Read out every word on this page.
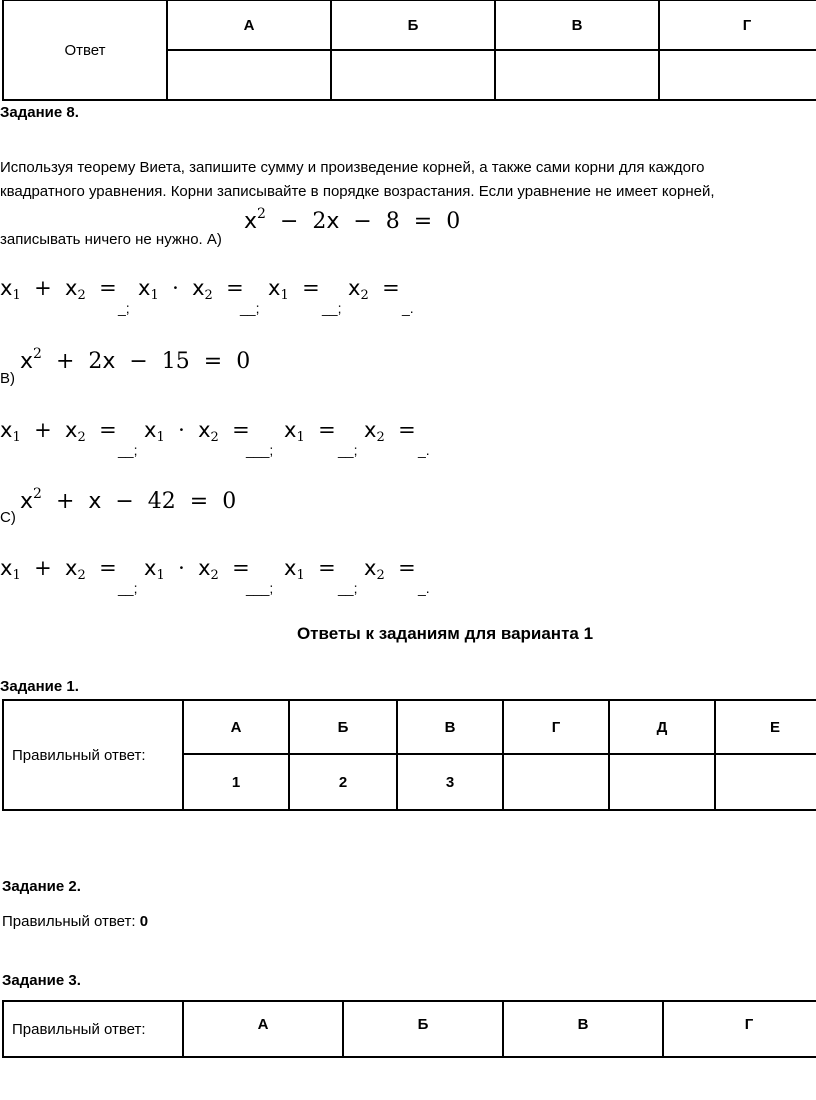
Ответ	А	Б	В	Г

Задание 8.
Используя теорему Виета, запишите сумму и произведение корней, а также сами корни для каждого
квадратного уравнения. Корни записывайте в порядке возрастания. Если уравнение не имеет корней,
записывать ничего не нужно. А)
$x^2 - 2x - 8 = 0$
$x_1 + x_2$  =
_;
$x_1 \cdot x_2$  =
__;
$x_1$  =
__;
$x_2$  =
_.
$x^2 + 2x - 15 = 0$
В)
$x_1 + x_2$  =
__;
$x_1 \cdot x_2$  =
___;
$x_1$  =
__;
$x_2$  =
_.
$x^2 + x - 42 = 0$
С)
$x_1 + x_2$  =
__;
$x_1 \cdot x_2$  =
___;
$x_1$  =
__;
$x_2$  =
_.
Ответы к заданиям для варианта 1
Задание 1.
Правильный ответ:	А	Б	В	Г	Д	Е
	1	2	3			
Задание 2.
Правильный ответ: 0
Задание 3.
Правильный ответ:	А	Б	В	Г
